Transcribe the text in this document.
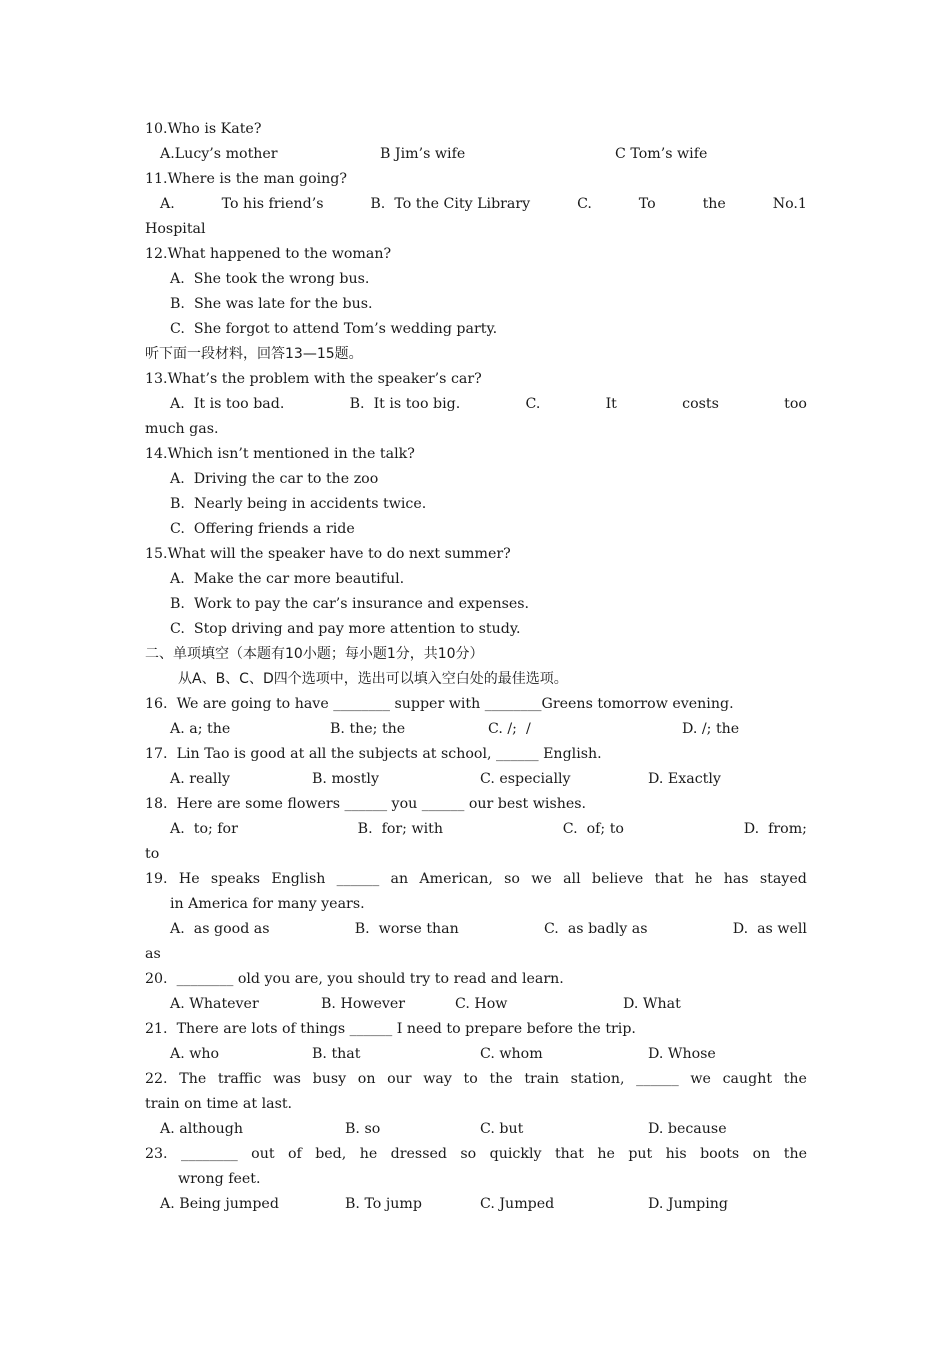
10.Who is Kate?
A.Lucy’s mother	B Jim’s wife	C Tom’s wife
11.Where is the man going?
A.	To his friend’s	B.  To the City Library	C.	To	the	No.1
Hospital
12.What happened to the woman?
A.  She took the wrong bus.
B.  She was late for the bus.
C.  She forgot to attend Tom’s wedding party.
听下面一段材料，回答13—15题。
13.What’s the problem with the speaker’s car?
A.  It is too bad.	B.  It is too big.	C.	It	costs	too
much gas.
14.Which isn’t mentioned in the talk?
A.  Driving the car to the zoo
B.  Nearly being in accidents twice.
C.  Offering friends a ride
15.What will the speaker have to do next summer?
A.  Make the car more beautiful.
B.  Work to pay the car’s insurance and expenses.
C.  Stop driving and pay more attention to study.
二、单项填空（本题有10小题；每小题1分，共10分）
从A、B、C、D四个选项中，选出可以填入空白处的最佳选项。
16.  We are going to have ________ supper with ________Greens tomorrow evening.
A. a; the	B. the; the	C. /;  /	D. /; the
17.  Lin Tao is good at all the subjects at school, ______ English.
A. really	B. mostly	C. especially	D. Exactly
18.  Here are some flowers ______ you ______ our best wishes.
A.  to; for	B.  for; with	C.  of; to	D.  from;
to
19. He speaks English ______ an American, so we all believe that he has stayed
in America for many years.
A.  as good as	B.  worse than	C.  as badly as	D.  as well
as
20.  ________ old you are, you should try to read and learn.
A. Whatever	B. However	C. How	D. What
21.  There are lots of things ______ I need to prepare before the trip.
A. who	B. that	C. whom	D. Whose
22. The traffic was busy on our way to the train station, ______ we caught the
train on time at last.
A. although	B. so	C. but	D. because
23. ________ out of bed, he dressed so quickly that he put his boots on the
wrong feet.
A. Being jumped	B. To jump	C. Jumped	D. Jumping
